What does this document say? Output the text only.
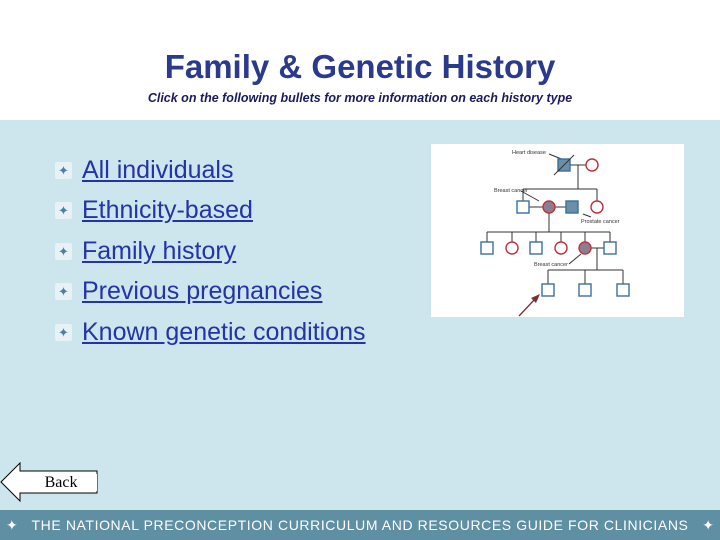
Family & Genetic History
Click on the following bullets for more information on each history type
✦ All individuals
✦ Ethnicity-based
✦ Family history
✦ Previous pregnancies
✦ Known genetic conditions
Heart disease
Breast cancer
Prostate cancer
Breast cancer
Back
✦ THE NATIONAL PRECONCEPTION CURRICULUM AND RESOURCES GUIDE FOR CLINICIANS ✦
